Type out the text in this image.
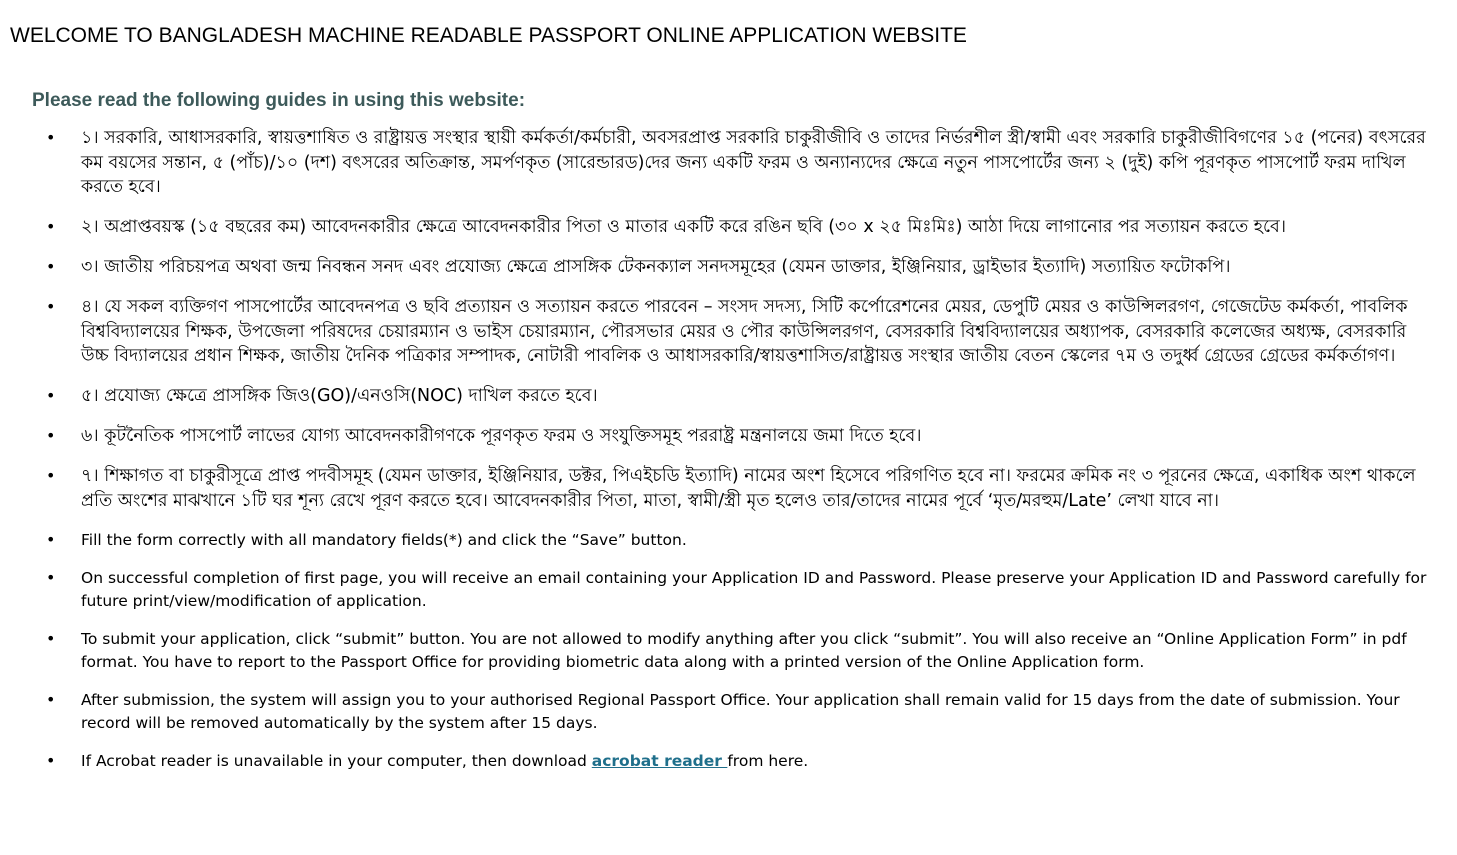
WELCOME TO BANGLADESH MACHINE READABLE PASSPORT ONLINE APPLICATION WEBSITE
Please read the following guides in using this website:
• ১। সরকারি, আধাসরকারি, স্বায়ত্তশাষিত ও রাষ্ট্রায়ত্ত সংস্থার স্থায়ী কর্মকর্তা/কর্মচারী, অবসরপ্রাপ্ত সরকারি চাকুরীজীবি ও তাদের নির্ভরশীল স্ত্রী/স্বামী এবং সরকারি চাকুরীজীবিগণের ১৫ (পনের) বৎসরের কম বয়সের সন্তান, ৫ (পাঁচ)/১০ (দশ) বৎসরের অতিক্রান্ত, সমর্পণকৃত (সারেন্ডারড)দের জন্য একটি ফরম ও অন্যান্যদের ক্ষেত্রে নতুন পাসপোর্টের জন্য ২ (দুই) কপি পূরণকৃত পাসপোর্ট ফরম দাখিল করতে হবে।
• ২। অপ্রাপ্তবয়স্ক (১৫ বছরের কম) আবেদনকারীর ক্ষেত্রে আবেদনকারীর পিতা ও মাতার একটি করে রঙিন ছবি (৩০ x ২৫ মিঃমিঃ) আঠা দিয়ে লাগানোর পর সত্যায়ন করতে হবে।
• ৩। জাতীয় পরিচয়পত্র অথবা জন্ম নিবন্ধন সনদ এবং প্রযোজ্য ক্ষেত্রে প্রাসঙ্গিক টেকনক্যাল সনদসমূহের (যেমন ডাক্তার, ইঞ্জিনিয়ার, ড্রাইভার ইত্যাদি) সত্যায়িত ফটোকপি।
• ৪। যে সকল ব্যক্তিগণ পাসপোর্টের আবেদনপত্র ও ছবি প্রত্যায়ন ও সত্যায়ন করতে পারবেন – সংসদ সদস্য, সিটি কর্পোরেশনের মেয়র, ডেপুটি মেয়র ও কাউন্সিলরগণ, গেজেটেড কর্মকর্তা, পাবলিক বিশ্ববিদ্যালয়ের শিক্ষক, উপজেলা পরিষদের চেয়ারম্যান ও ভাইস চেয়ারম্যান, পৌরসভার মেয়র ও পৌর কাউন্সিলরগণ, বেসরকারি বিশ্ববিদ্যালয়ের অধ্যাপক, বেসরকারি কলেজের অধ্যক্ষ, বেসরকারি উচ্চ বিদ্যালয়ের প্রধান শিক্ষক, জাতীয় দৈনিক পত্রিকার সম্পাদক, নোটারী পাবলিক ও আধাসরকারি/স্বায়ত্তশাসিত/রাষ্ট্রায়ত্ত সংস্থার জাতীয় বেতন স্কেলের ৭ম ও তদুর্ধ্ব গ্রেডের গ্রেডের কর্মকর্তাগণ।
• ৫। প্রযোজ্য ক্ষেত্রে প্রাসঙ্গিক জিও(GO)/এনওসি(NOC) দাখিল করতে হবে।
• ৬। কূটনৈতিক পাসপোর্ট লাভের যোগ্য আবেদনকারীগণকে পূরণকৃত ফরম ও সংযুক্তিসমূহ পররাষ্ট্র মন্ত্রনালয়ে জমা দিতে হবে।
• ৭। শিক্ষাগত বা চাকুরীসূত্রে প্রাপ্ত পদবীসমূহ (যেমন ডাক্তার, ইঞ্জিনিয়ার, ডক্টর, পিএইচডি ইত্যাদি) নামের অংশ হিসেবে পরিগণিত হবে না। ফরমের ক্রমিক নং ৩ পূরনের ক্ষেত্রে, একাধিক অংশ থাকলে প্রতি অংশের মাঝখানে ১টি ঘর শূন্য রেখে পূরণ করতে হবে। আবেদনকারীর পিতা, মাতা, স্বামী/স্ত্রী মৃত হলেও তার/তাদের নামের পূর্বে ‘মৃত/মরহুম/Late’ লেখা যাবে না।
• Fill the form correctly with all mandatory fields(*) and click the “Save” button.
• On successful completion of first page, you will receive an email containing your Application ID and Password. Please preserve your Application ID and Password carefully for future print/view/modification of application.
• To submit your application, click “submit” button. You are not allowed to modify anything after you click “submit”. You will also receive an “Online Application Form” in pdf format. You have to report to the Passport Office for providing biometric data along with a printed version of the Online Application form.
• After submission, the system will assign you to your authorised Regional Passport Office. Your application shall remain valid for 15 days from the date of submission. Your record will be removed automatically by the system after 15 days.
• If Acrobat reader is unavailable in your computer, then download acrobat reader from here.
